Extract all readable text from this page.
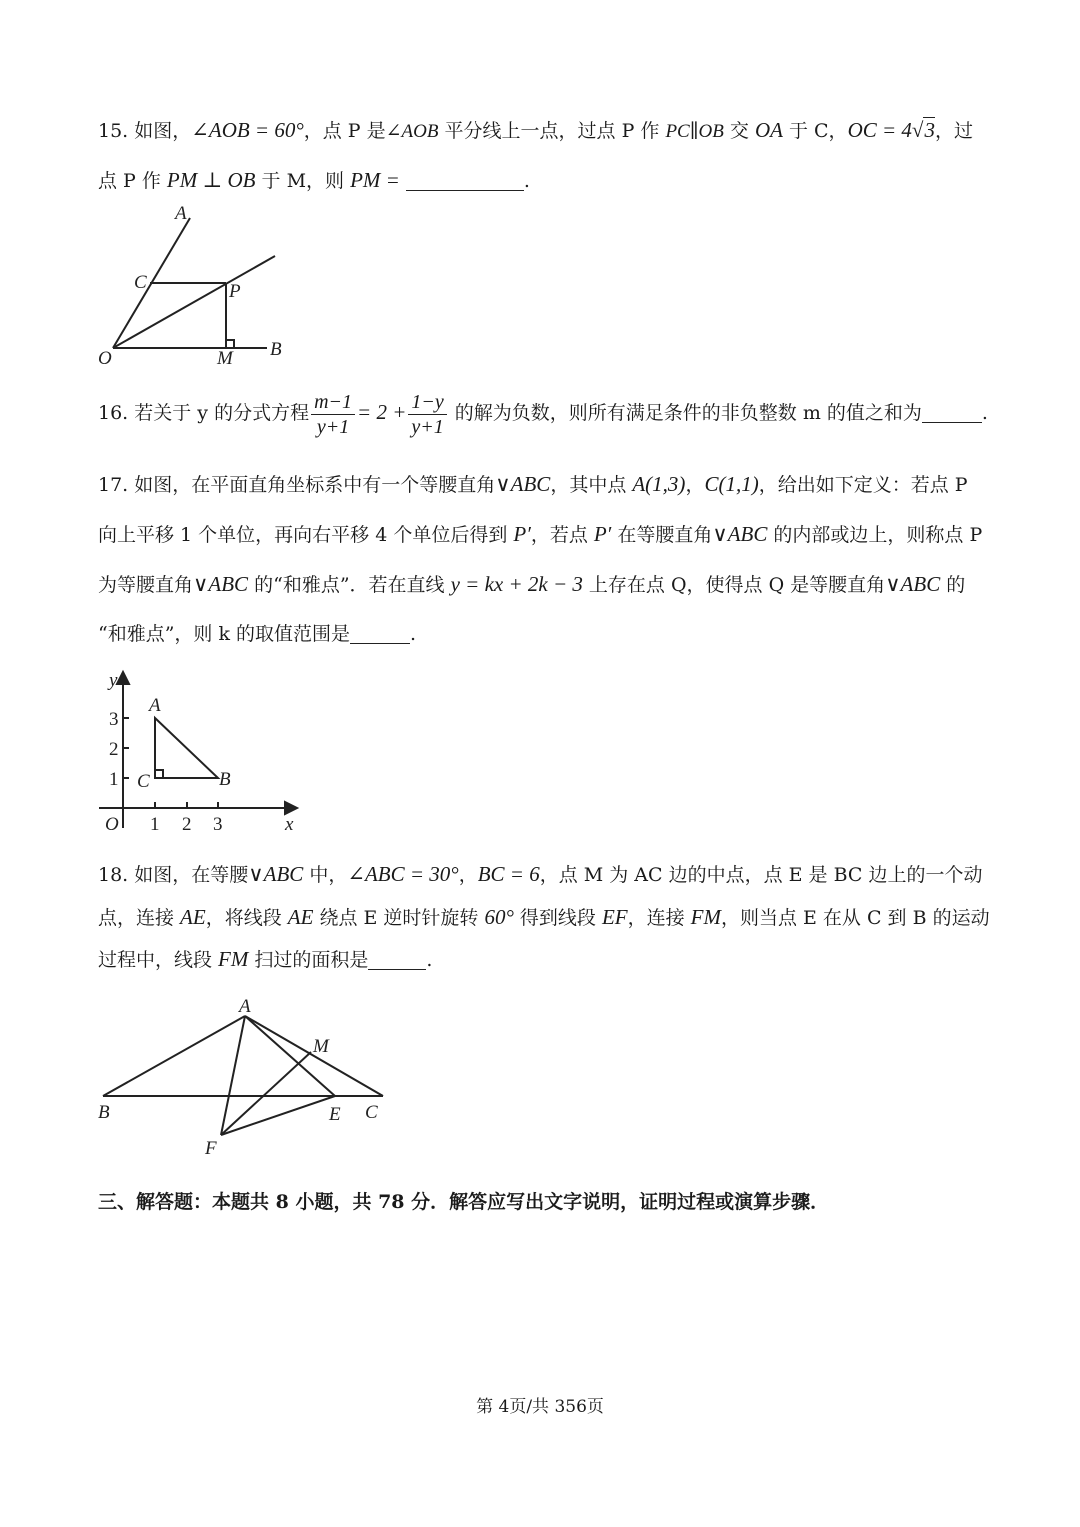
15. 如图，∠AOB = 60°，点 P 是∠AOB 平分线上一点，过点 P 作 PC∥OB 交 OA 于 C，OC = 4√3，过
点 P 作 PM ⊥ OB 于 M，则 PM =	.
A
C	P
O	M B
16. 若关于 y 的分式方程 $\frac{m-1}{y+1} = 2 + \frac{1-y}{y+1}$ 的解为负数，则所有满足条件的非负整数 m 的值之和为	.
17. 如图，在平面直角坐标系中有一个等腰直角∨ABC，其中点 A(1,3)，C(1,1)，给出如下定义：若点 P
向上平移 1 个单位，再向右平移 4 个单位后得到 P′，若点 P′ 在等腰直角∨ABC 的内部或边上，则称点 P
为等腰直角∨ABC 的“和雅点”．若在直线 y = kx + 2k − 3 上存在点 Q，使得点 Q 是等腰直角∨ABC 的
“和雅点”，则 k 的取值范围是	.
y
x
O
A
B
C
1 2 3
1
2
3
18. 如图，在等腰∨ABC 中，∠ABC = 30°，BC = 6，点 M 为 AC 边的中点，点 E 是 BC 边上的一个动
点，连接 AE，将线段 AE 绕点 E 逆时针旋转 60° 得到线段 EF，连接 FM，则当点 E 在从 C 到 B 的运动
过程中，线段 FM 扫过的面积是	.
A
M
B	E C
F
三、解答题：本题共 8 小题，共 78 分．解答应写出文字说明，证明过程或演算步骤．
第 4页/共 356页
